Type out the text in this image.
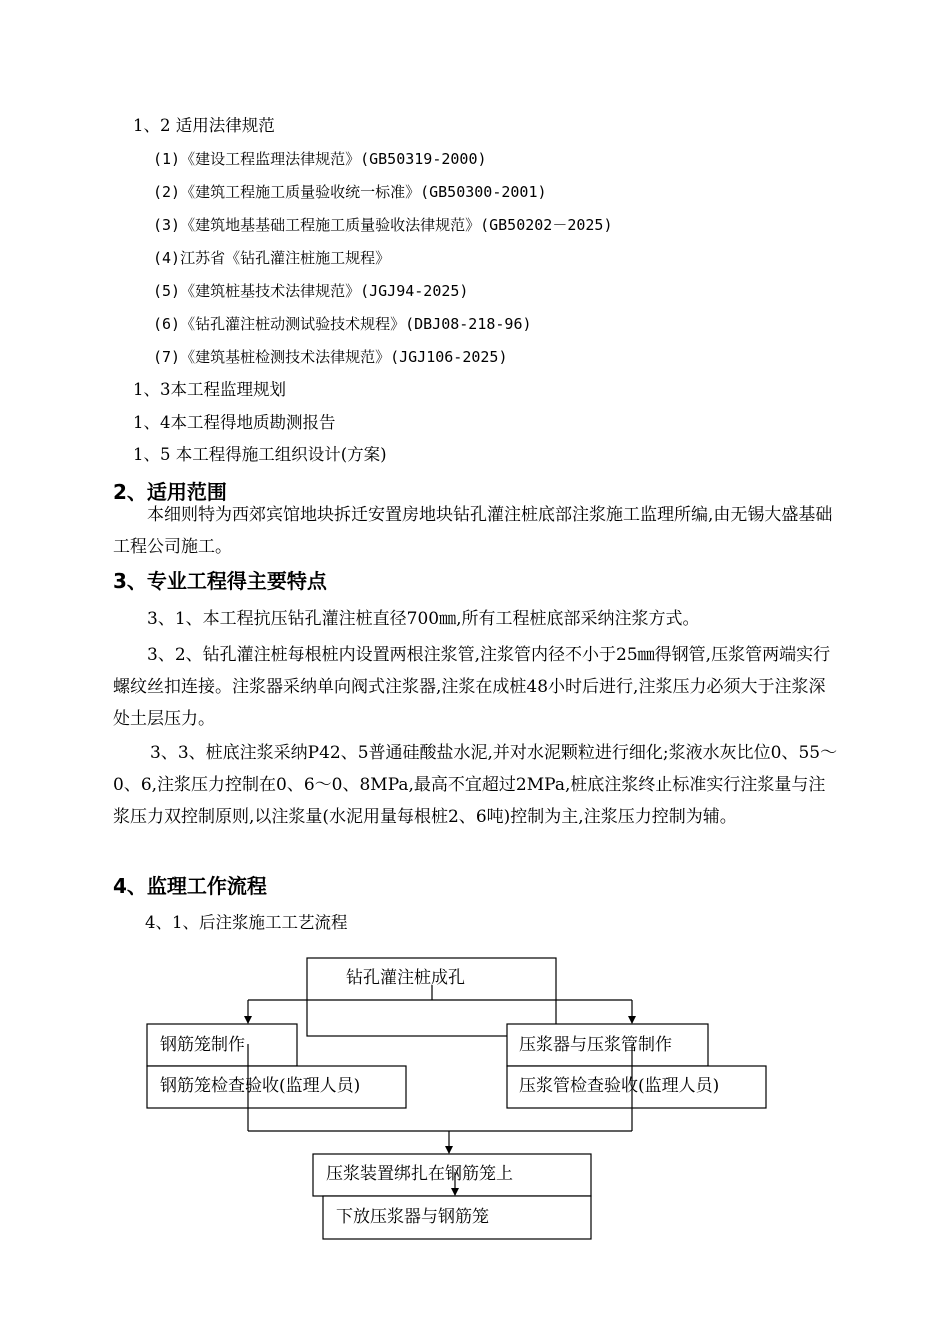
1、2 适用法律规范
(1)《建设工程监理法律规范》(GB50319-2000)
(2)《建筑工程施工质量验收统一标准》(GB50300-2001)
(3)《建筑地基基础工程施工质量验收法律规范》(GB50202－2025)
(4)江苏省《钻孔灌注桩施工规程》
(5)《建筑桩基技术法律规范》(JGJ94-2025)
(6)《钻孔灌注桩动测试验技术规程》(DBJ08-218-96)
(7)《建筑基桩检测技术法律规范》(JGJ106-2025)
1、3本工程监理规划
1、4本工程得地质勘测报告
1、5 本工程得施工组织设计(方案)
2、适用范围
本细则特为西郊宾馆地块拆迁安置房地块钻孔灌注桩底部注浆施工监理所编,由无锡大盛基础工程公司施工。
3、专业工程得主要特点
3、1、本工程抗压钻孔灌注桩直径700㎜,所有工程桩底部采纳注浆方式。
3、2、钻孔灌注桩每根桩内设置两根注浆管,注浆管内径不小于25㎜得钢管,压浆管两端实行螺纹丝扣连接。注浆器采纳单向阀式注浆器,注浆在成桩48小时后进行,注浆压力必须大于注浆深处土层压力。
3、3、桩底注浆采纳P42、5普通硅酸盐水泥,并对水泥颗粒进行细化;浆液水灰比位0、55～0、6,注浆压力控制在0、6～0、8MPa,最高不宜超过2MPa,桩底注浆终止标准实行注浆量与注浆压力双控制原则,以注浆量(水泥用量每根桩2、6吨)控制为主,注浆压力控制为辅。
4、监理工作流程
4、1、后注浆施工工艺流程
钻孔灌注桩成孔
钢筋笼制作
钢筋笼检查验收(监理人员)
压浆器与压浆管制作
压浆管检查验收(监理人员)
压浆装置绑扎在钢筋笼上
下放压浆器与钢筋笼
